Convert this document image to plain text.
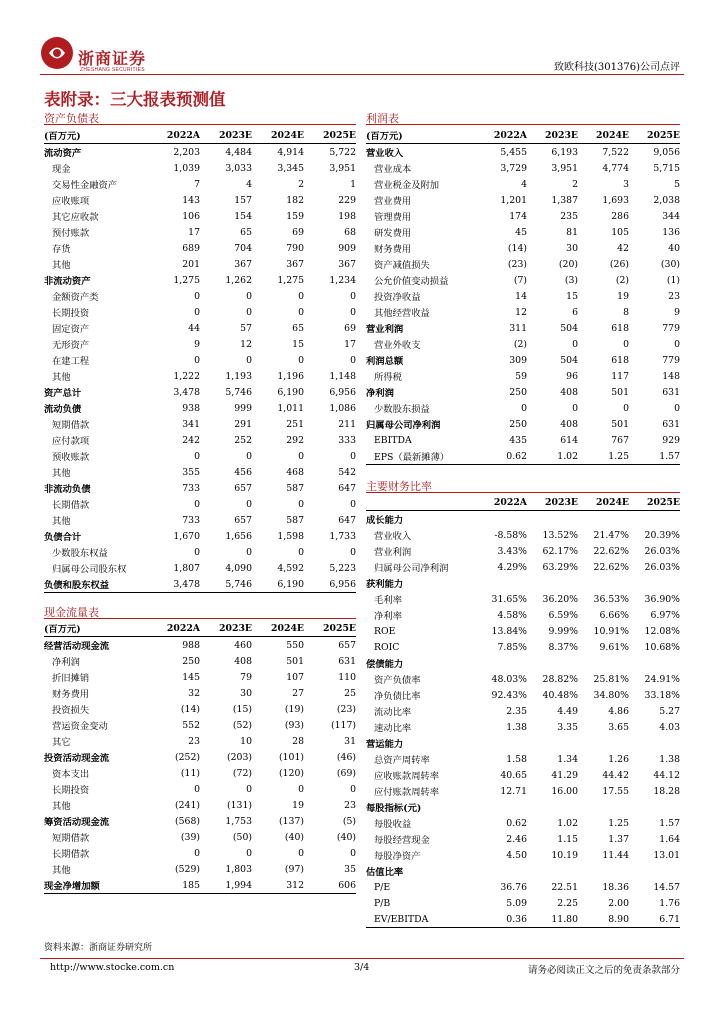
浙商证券
ZHESHANG SECURITIES	致欧科技(301376)公司点评
表附录：三大报表预测值
资产负债表
(百万元)	2022A	2023E	2024E	2025E
流动资产	2,203	4,484	4,914	5,722
现金	1,039	3,033	3,345	3,951
交易性金融资产	7	4	2	1
应收账项	143	157	182	229
其它应收款	106	154	159	198
预付账款	17	65	69	68
存货	689	704	790	909
其他	201	367	367	367
非流动资产	1,275	1,262	1,275	1,234
金额资产类	0	0	0	0
长期投资	0	0	0	0
固定资产	44	57	65	69
无形资产	9	12	15	17
在建工程	0	0	0	0
其他	1,222	1,193	1,196	1,148
资产总计	3,478	5,746	6,190	6,956
流动负债	938	999	1,011	1,086
短期借款	341	291	251	211
应付款项	242	252	292	333
预收账款	0	0	0	0
其他	355	456	468	542
非流动负债	733	657	587	647
长期借款	0	0	0	0
其他	733	657	587	647
负债合计	1,670	1,656	1,598	1,733
少数股东权益	0	0	0	0
归属母公司股东权	1,807	4,090	4,592	5,223
负债和股东权益	3,478	5,746	6,190	6,956
现金流量表
(百万元)	2022A	2023E	2024E	2025E
经营活动现金流	988	460	550	657
净利润	250	408	501	631
折旧摊销	145	79	107	110
财务费用	32	30	27	25
投资损失	(14)	(15)	(19)	(23)
营运资金变动	552	(52)	(93)	(117)
其它	23	10	28	31
投资活动现金流	(252)	(203)	(101)	(46)
资本支出	(11)	(72)	(120)	(69)
长期投资	0	0	0	0
其他	(241)	(131)	19	23
筹资活动现金流	(568)	1,753	(137)	(5)
短期借款	(39)	(50)	(40)	(40)
长期借款	0	0	0	0
其他	(529)	1,803	(97)	35
现金净增加额	185	1,994	312	606
利润表
(百万元)	2022A	2023E	2024E	2025E
营业收入	5,455	6,193	7,522	9,056
营业成本	3,729	3,951	4,774	5,715
营业税金及附加	4	2	3	5
营业费用	1,201	1,387	1,693	2,038
管理费用	174	235	286	344
研发费用	45	81	105	136
财务费用	(14)	30	42	40
资产减值损失	(23)	(20)	(26)	(30)
公允价值变动损益	(7)	(3)	(2)	(1)
投资净收益	14	15	19	23
其他经营收益	12	6	8	9
营业利润	311	504	618	779
营业外收支	(2)	0	0	0
利润总额	309	504	618	779
所得税	59	96	117	148
净利润	250	408	501	631
少数股东损益	0	0	0	0
归属母公司净利润	250	408	501	631
EBITDA	435	614	767	929
EPS（最新摊薄）	0.62	1.02	1.25	1.57
主要财务比率
	2022A	2023E	2024E	2025E
成长能力				
营业收入	-8.58%	13.52%	21.47%	20.39%
营业利润	3.43%	62.17%	22.62%	26.03%
归属母公司净利润	4.29%	63.29%	22.62%	26.03%
获利能力				
毛利率	31.65%	36.20%	36.53%	36.90%
净利率	4.58%	6.59%	6.66%	6.97%
ROE	13.84%	9.99%	10.91%	12.08%
ROIC	7.85%	8.37%	9.61%	10.68%
偿债能力				
资产负债率	48.03%	28.82%	25.81%	24.91%
净负债比率	92.43%	40.48%	34.80%	33.18%
流动比率	2.35	4.49	4.86	5.27
速动比率	1.38	3.35	3.65	4.03
营运能力				
总资产周转率	1.58	1.34	1.26	1.38
应收账款周转率	40.65	41.29	44.42	44.12
应付账款周转率	12.71	16.00	17.55	18.28
每股指标(元)				
每股收益	0.62	1.02	1.25	1.57
每股经营现金	2.46	1.15	1.37	1.64
每股净资产	4.50	10.19	11.44	13.01
估值比率				
P/E	36.76	22.51	18.36	14.57
P/B	5.09	2.25	2.00	1.76
EV/EBITDA	0.36	11.80	8.90	6.71
资料来源：浙商证券研究所
http://www.stocke.com.cn	3/4	请务必阅读正文之后的免责条款部分
